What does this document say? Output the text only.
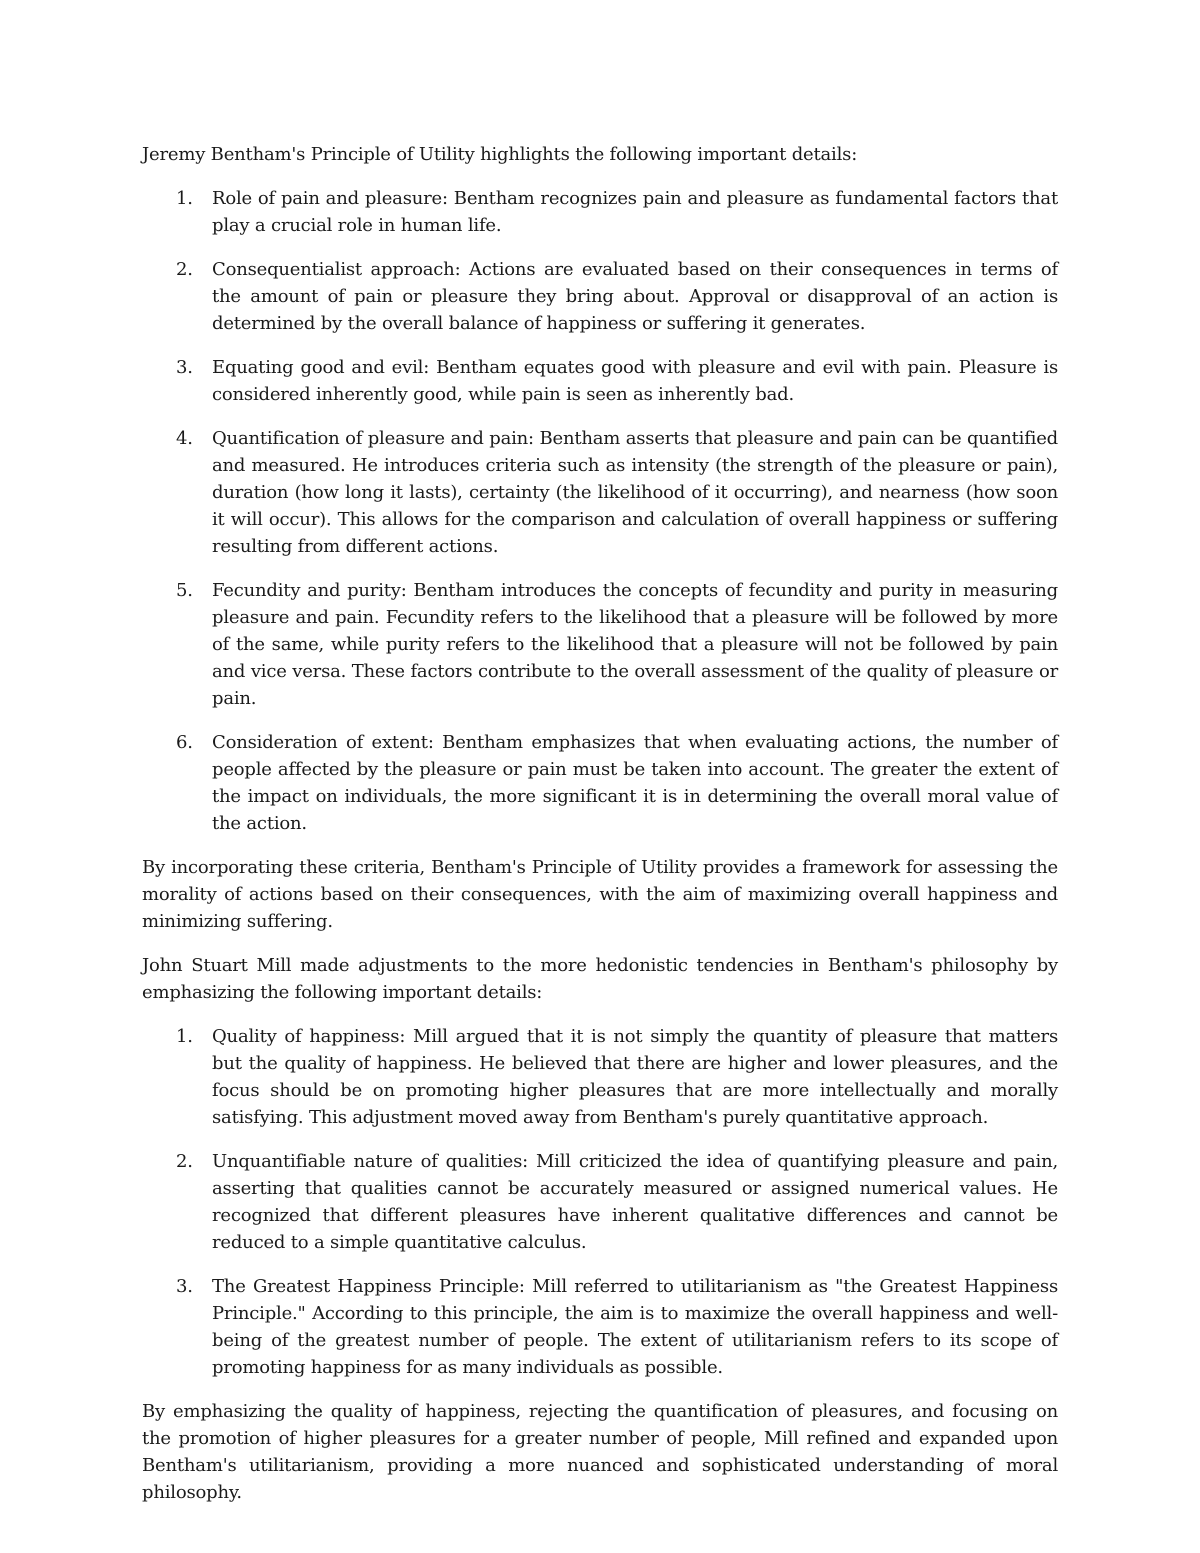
Jeremy Bentham's Principle of Utility highlights the following important details:

1. Role of pain and pleasure: Bentham recognizes pain and pleasure as fundamental factors that play a crucial role in human life.
2. Consequentialist approach: Actions are evaluated based on their consequences in terms of the amount of pain or pleasure they bring about. Approval or disapproval of an action is determined by the overall balance of happiness or suffering it generates.
3. Equating good and evil: Bentham equates good with pleasure and evil with pain. Pleasure is considered inherently good, while pain is seen as inherently bad.
4. Quantification of pleasure and pain: Bentham asserts that pleasure and pain can be quantified and measured. He introduces criteria such as intensity (the strength of the pleasure or pain), duration (how long it lasts), certainty (the likelihood of it occurring), and nearness (how soon it will occur). This allows for the comparison and calculation of overall happiness or suffering resulting from different actions.
5. Fecundity and purity: Bentham introduces the concepts of fecundity and purity in measuring pleasure and pain. Fecundity refers to the likelihood that a pleasure will be followed by more of the same, while purity refers to the likelihood that a pleasure will not be followed by pain and vice versa. These factors contribute to the overall assessment of the quality of pleasure or pain.
6. Consideration of extent: Bentham emphasizes that when evaluating actions, the number of people affected by the pleasure or pain must be taken into account. The greater the extent of the impact on individuals, the more significant it is in determining the overall moral value of the action.

By incorporating these criteria, Bentham's Principle of Utility provides a framework for assessing the morality of actions based on their consequences, with the aim of maximizing overall happiness and minimizing suffering.

John Stuart Mill made adjustments to the more hedonistic tendencies in Bentham's philosophy by emphasizing the following important details:

1. Quality of happiness: Mill argued that it is not simply the quantity of pleasure that matters but the quality of happiness. He believed that there are higher and lower pleasures, and the focus should be on promoting higher pleasures that are more intellectually and morally satisfying. This adjustment moved away from Bentham's purely quantitative approach.
2. Unquantifiable nature of qualities: Mill criticized the idea of quantifying pleasure and pain, asserting that qualities cannot be accurately measured or assigned numerical values. He recognized that different pleasures have inherent qualitative differences and cannot be reduced to a simple quantitative calculus.
3. The Greatest Happiness Principle: Mill referred to utilitarianism as "the Greatest Happiness Principle." According to this principle, the aim is to maximize the overall happiness and well-being of the greatest number of people. The extent of utilitarianism refers to its scope of promoting happiness for as many individuals as possible.

By emphasizing the quality of happiness, rejecting the quantification of pleasures, and focusing on the promotion of higher pleasures for a greater number of people, Mill refined and expanded upon Bentham's utilitarianism, providing a more nuanced and sophisticated understanding of moral philosophy.
